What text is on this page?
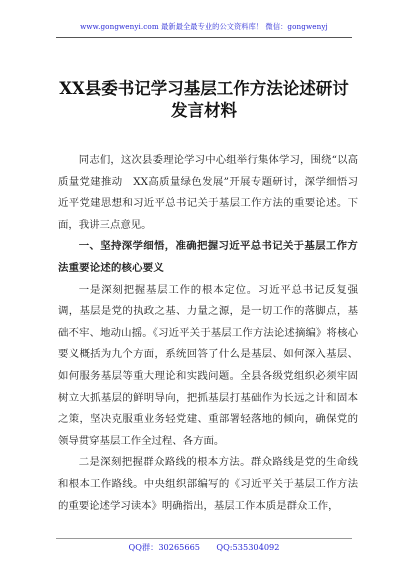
www.gongwenyi.com 最新最全最专业的公文资料库！ 微信：gongwenyj
XX县委书记学习基层工作方法论述研讨
发言材料

同志们，这次县委理论学习中心组举行集体学习，围绕“以高质量党建推动　XX高质量绿色发展”开展专题研讨，深学细悟习近平党建思想和习近平总书记关于基层工作方法的重要论述。下面，我讲三点意见。

一、坚持深学细悟，准确把握习近平总书记关于基层工作方法重要论述的核心要义

一是深刻把握基层工作的根本定位。习近平总书记反复强调，基层是党的执政之基、力量之源，是一切工作的落脚点，基础不牢、地动山摇。《习近平关于基层工作方法论述摘编》将核心要义概括为九个方面，系统回答了什么是基层、如何深入基层、如何服务基层等重大理论和实践问题。全县各级党组织必须牢固树立大抓基层的鲜明导向，把抓基层打基础作为长远之计和固本之策，坚决克服重业务轻党建、重部署轻落地的倾向，确保党的领导贯穿基层工作全过程、各方面。

二是深刻把握群众路线的根本方法。群众路线是党的生命线和根本工作路线。中央组织部编写的《习近平关于基层工作方法的重要论述学习读本》明确指出，基层工作本质是群众工作，

QQ群：30265665　　QQ:535304092
